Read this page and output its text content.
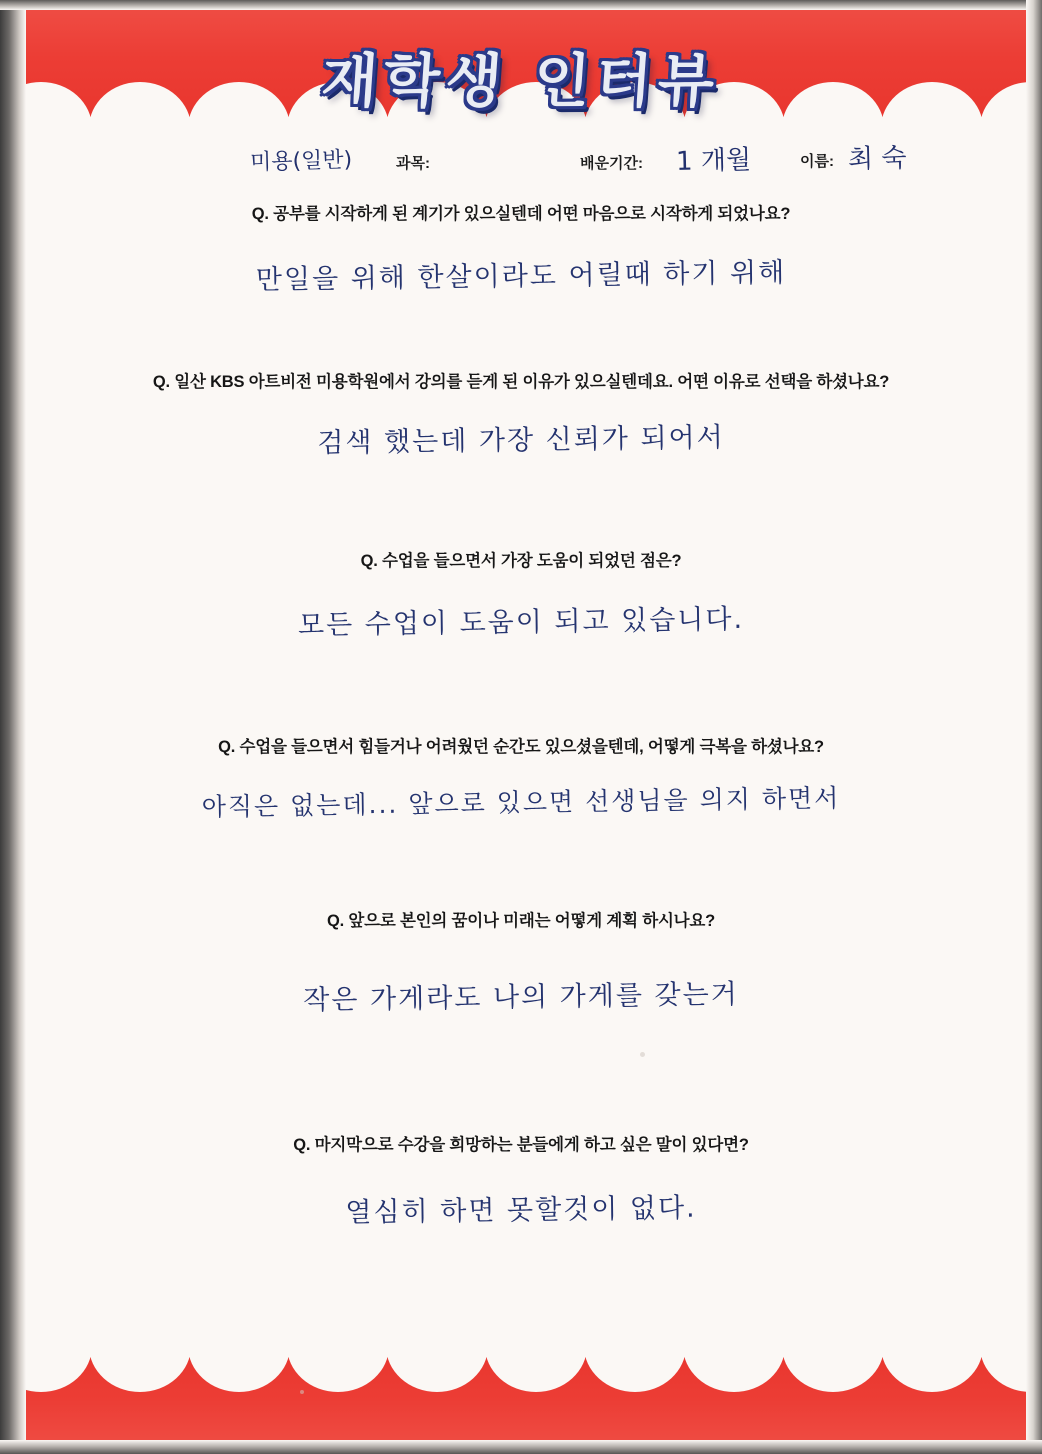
재학생 인터뷰
미용(일반)	과목:	배운기간: 1 개월	이름: 최 숙
Q. 공부를 시작하게 된 계기가 있으실텐데 어떤 마음으로 시작하게 되었나요?
만일을 위해 한살이라도 어릴때 하기 위해
Q. 일산 KBS 아트비전 미용학원에서 강의를 듣게 된 이유가 있으실텐데요. 어떤 이유로 선택을 하셨나요?
검색 했는데 가장 신뢰가 되어서
Q. 수업을 들으면서 가장 도움이 되었던 점은?
모든 수업이 도움이 되고 있습니다.
Q. 수업을 들으면서 힘들거나 어려웠던 순간도 있으셨을텐데, 어떻게 극복을 하셨나요?
아직은 없는데... 앞으로 있으면 선생님을 의지 하면서
Q. 앞으로 본인의 꿈이나 미래는 어떻게 계획 하시나요?
작은 가게라도 나의 가게를 갖는거
Q. 마지막으로 수강을 희망하는 분들에게 하고 싶은 말이 있다면?
열심히 하면 못할것이 없다.
